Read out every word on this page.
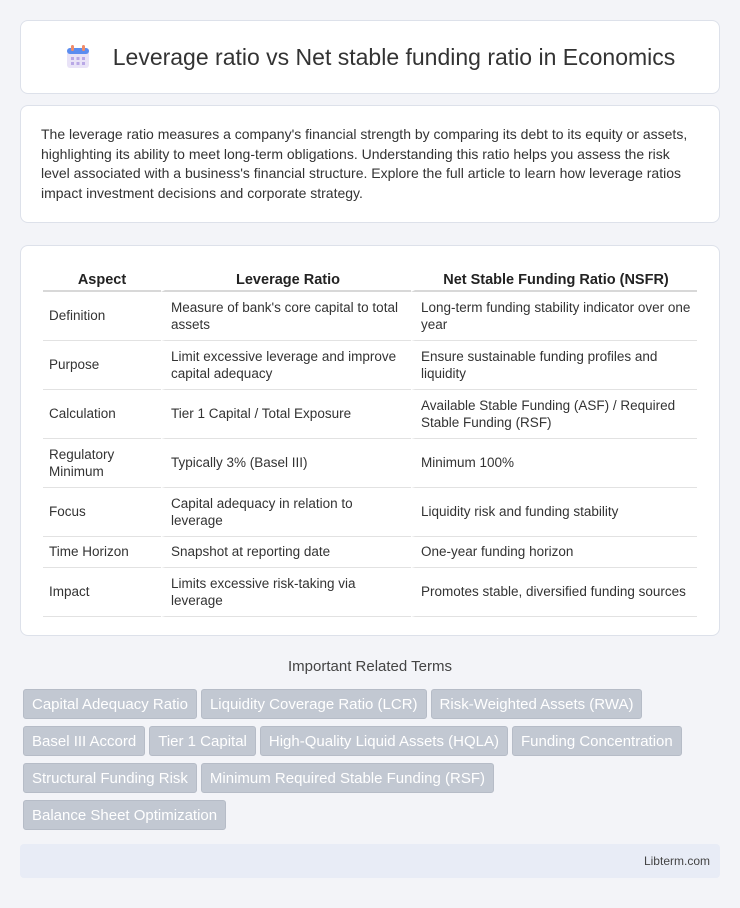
Leverage ratio vs Net stable funding ratio in Economics

The leverage ratio measures a company's financial strength by comparing its debt to its equity or assets, highlighting its ability to meet long-term obligations. Understanding this ratio helps you assess the risk level associated with a business's financial structure. Explore the full article to learn how leverage ratios impact investment decisions and corporate strategy.

Aspect	Leverage Ratio	Net Stable Funding Ratio (NSFR)
Definition	Measure of bank's core capital to total assets	Long-term funding stability indicator over one year
Purpose	Limit excessive leverage and improve capital adequacy	Ensure sustainable funding profiles and liquidity
Calculation	Tier 1 Capital / Total Exposure	Available Stable Funding (ASF) / Required Stable Funding (RSF)
Regulatory Minimum	Typically 3% (Basel III)	Minimum 100%
Focus	Capital adequacy in relation to leverage	Liquidity risk and funding stability
Time Horizon	Snapshot at reporting date	One-year funding horizon
Impact	Limits excessive risk-taking via leverage	Promotes stable, diversified funding sources
Important Related Terms
Capital Adequacy Ratio Liquidity Coverage Ratio (LCR) Risk-Weighted Assets (RWA)
Basel III Accord Tier 1 Capital High-Quality Liquid Assets (HQLA) Funding Concentration
Structural Funding Risk Minimum Required Stable Funding (RSF)
Balance Sheet Optimization
Libterm.com
